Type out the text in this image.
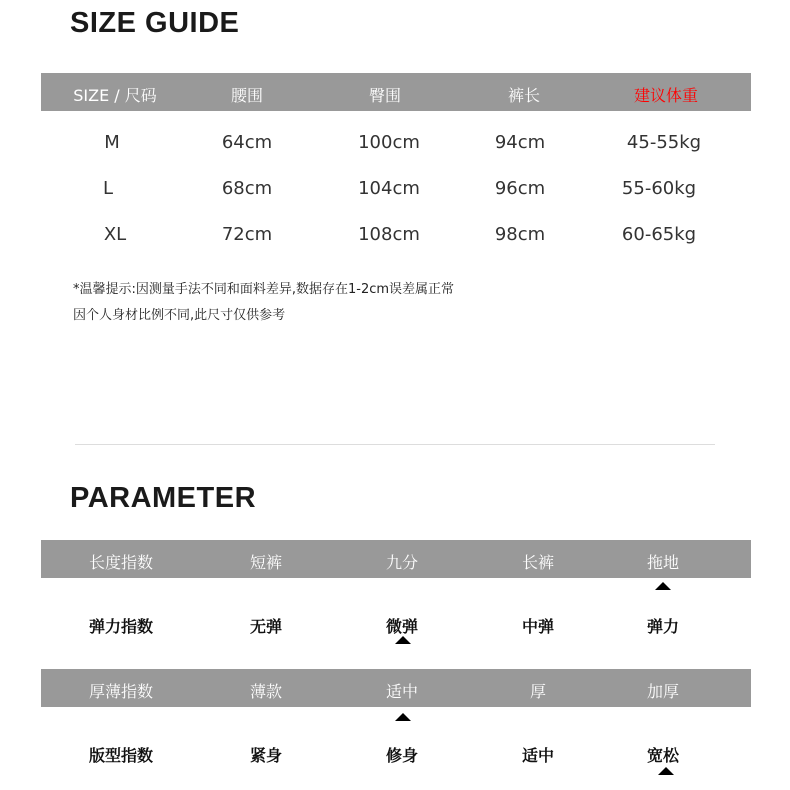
SIZE GUIDE
SIZE / 尺码	腰围	臀围	裤长	建议体重
M	64cm	100cm	94cm	45-55kg
L	68cm	104cm	96cm	55-60kg
XL	72cm	108cm	98cm	60-65kg
*温馨提示:因测量手法不同和面料差异,数据存在1-2cm误差属正常
因个人身材比例不同,此尺寸仅供参考
PARAMETER
长度指数	短裤	九分	长裤	拖地
弹力指数	无弹	微弹	中弹	弹力
厚薄指数	薄款	适中	厚	加厚
版型指数	紧身	修身	适中	宽松
